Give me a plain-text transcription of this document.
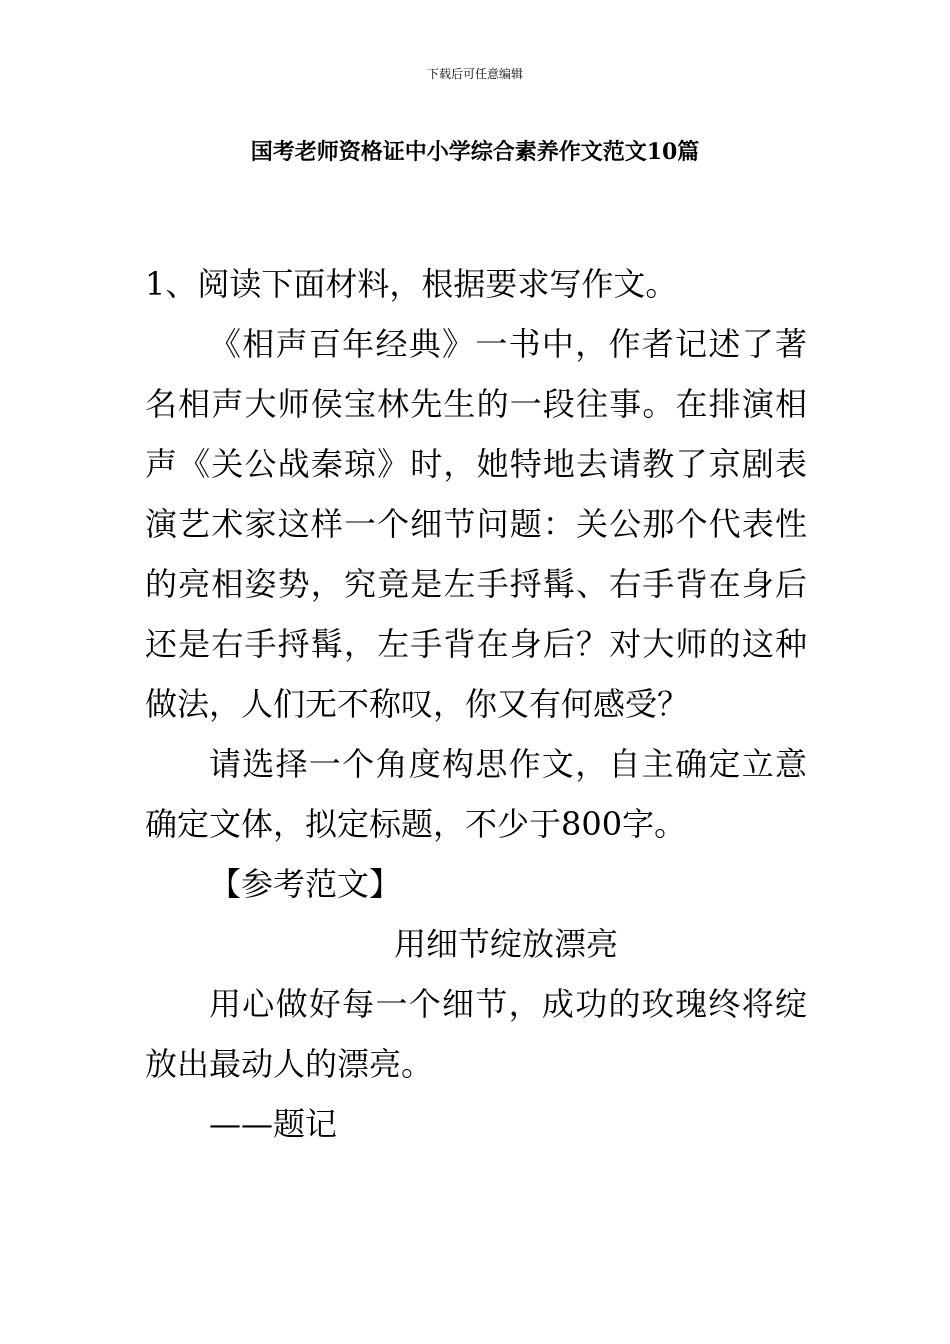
下载后可任意编辑
国考老师资格证中小学综合素养作文范文10篇

1、阅读下面材料，根据要求写作文。

《相声百年经典》一书中，作者记述了著名相声大师侯宝林先生的一段往事。在排演相声《关公战秦琼》时，她特地去请教了京剧表演艺术家这样一个细节问题：关公那个代表性的亮相姿势，究竟是左手捋髯、右手背在身后还是右手捋髯，左手背在身后？对大师的这种做法，人们无不称叹，你又有何感受？

请选择一个角度构思作文，自主确定立意确定文体，拟定标题，不少于800字。

【参考范文】

用细节绽放漂亮

用心做好每一个细节，成功的玫瑰终将绽放出最动人的漂亮。

——题记
